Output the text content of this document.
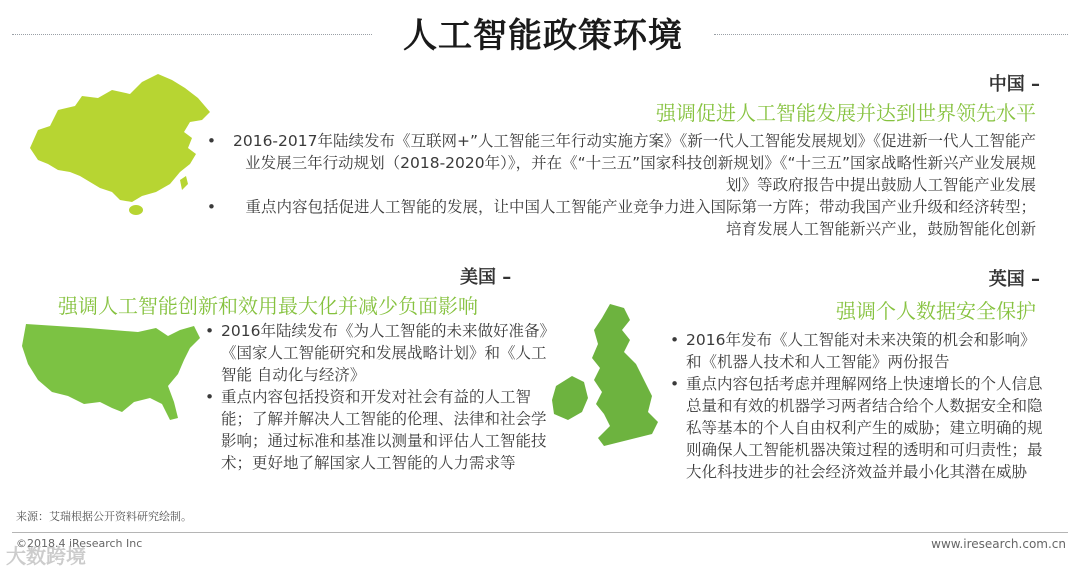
人工智能政策环境
中国 –
强调促进人工智能发展并达到世界领先水平
• 2016-2017年陆续发布《互联网+”人工智能三年行动实施方案》《新一代人工智能发展规划》《促进新一代人工智能产业发展三年行动规划（2018-2020年）》，并在《“十三五”国家科技创新规划》《“十三五”国家战略性新兴产业发展规划》等政府报告中提出鼓励人工智能产业发展
• 重点内容包括促进人工智能的发展，让中国人工智能产业竞争力进入国际第一方阵；带动我国产业升级和经济转型；培育发展人工智能新兴产业，鼓励智能化创新
美国 –
强调人工智能创新和效用最大化并减少负面影响
• 2016年陆续发布《为人工智能的未来做好准备》《国家人工智能研究和发展战略计划》和《人工智能 自动化与经济》
• 重点内容包括投资和开发对社会有益的人工智能；了解并解决人工智能的伦理、法律和社会学影响；通过标准和基准以测量和评估人工智能技术；更好地了解国家人工智能的人力需求等
英国 –
强调个人数据安全保护
• 2016年发布《人工智能对未来决策的机会和影响》和《机器人技术和人工智能》两份报告
• 重点内容包括考虑并理解网络上快速增长的个人信息总量和有效的机器学习两者结合给个人数据安全和隐私等基本的个人自由权利产生的威胁；建立明确的规则确保人工智能机器决策过程的透明和可归责性；最大化科技进步的社会经济效益并最小化其潜在威胁
来源：艾瑞根据公开资料研究绘制。
©2018.4 iResearch Inc
大数跨境	www.iresearch.com.cn
